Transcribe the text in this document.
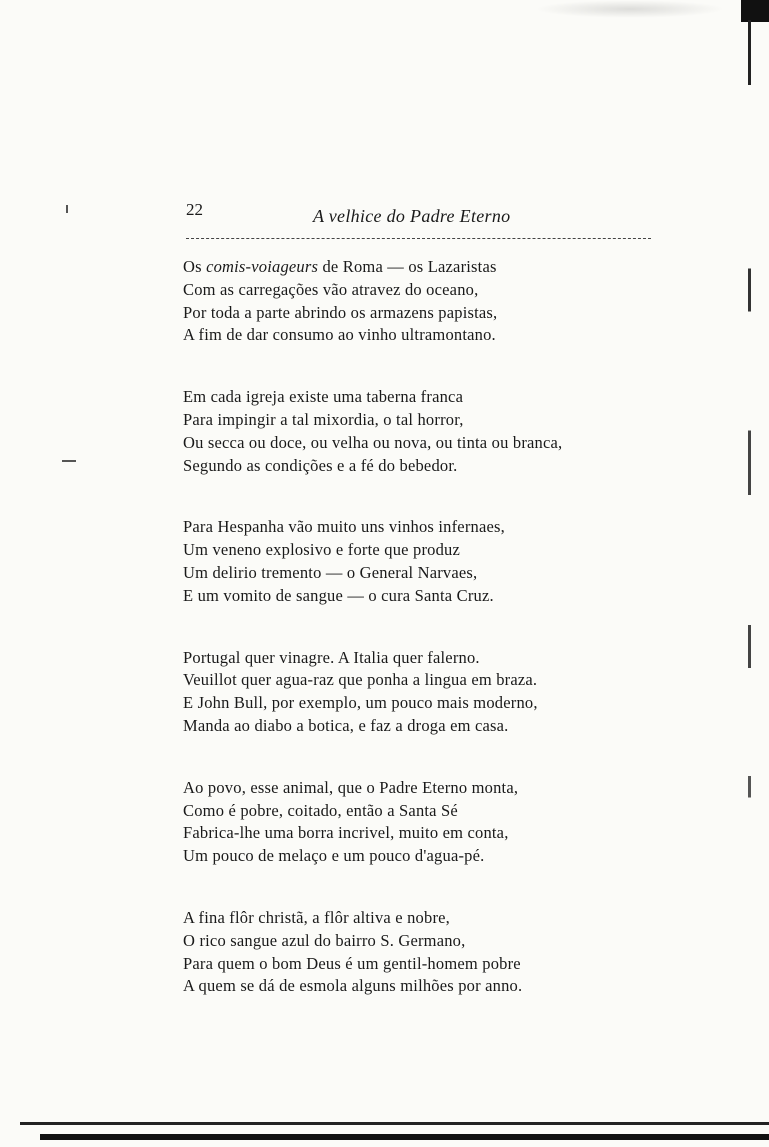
22	A velhice do Padre Eterno
Os comis-voiageurs de Roma — os Lazaristas
Com as carregações vão atravez do oceano,
Por toda a parte abrindo os armazens papistas,
A fim de dar consumo ao vinho ultramontano.
Em cada igreja existe uma taberna franca
Para impingir a tal mixordia, o tal horror,
Ou secca ou doce, ou velha ou nova, ou tinta ou branca,
Segundo as condições e a fé do bebedor.
Para Hespanha vão muito uns vinhos infernaes,
Um veneno explosivo e forte que produz
Um delirio tremento — o General Narvaes,
E um vomito de sangue — o cura Santa Cruz.
Portugal quer vinagre. A Italia quer falerno.
Veuillot quer agua-raz que ponha a lingua em braza.
E John Bull, por exemplo, um pouco mais moderno,
Manda ao diabo a botica, e faz a droga em casa.
Ao povo, esse animal, que o Padre Eterno monta,
Como é pobre, coitado, então a Santa Sé
Fabrica-lhe uma borra incrivel, muito em conta,
Um pouco de melaço e um pouco d'agua-pé.
A fina flôr christã, a flôr altiva e nobre,
O rico sangue azul do bairro S. Germano,
Para quem o bom Deus é um gentil-homem pobre
A quem se dá de esmola alguns milhões por anno.
